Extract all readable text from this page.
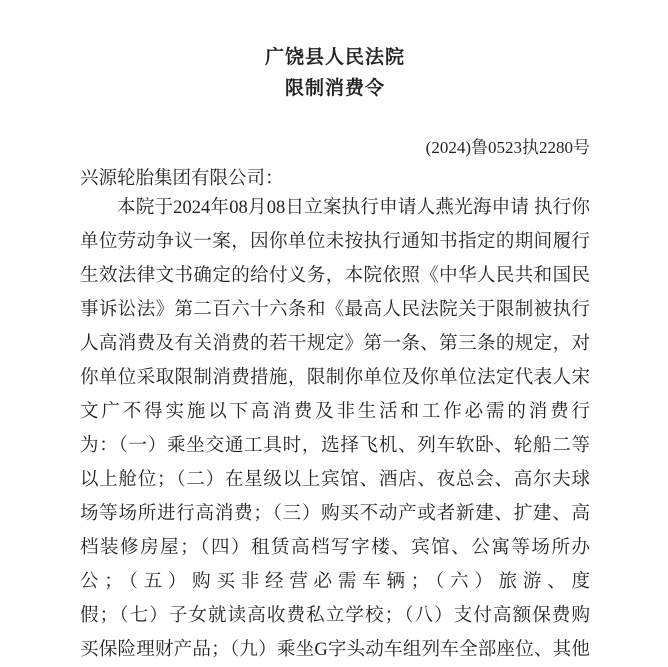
广饶县人民法院
限制消费令
(2024)鲁0523执2280号
兴源轮胎集团有限公司：
本院于2024年08月08日立案执行申请人燕光海申请 执行你
单位劳动争议一案，因你单位未按执行通知书指定的期间履行
生效法律文书确定的给付义务，本院依照《中华人民共和国民
事诉讼法》第二百六十六条和《最高人民法院关于限制被执行
人高消费及有关消费的若干规定》第一条、第三条的规定，对
你单位采取限制消费措施，限制你单位及你单位法定代表人宋
文广不得实施以下高消费及非生活和工作必需的消费行
为：（一）乘坐交通工具时，选择飞机、列车软卧、轮船二等
以上舱位；（二）在星级以上宾馆、酒店、夜总会、高尔夫球
场等场所进行高消费；（三）购买不动产或者新建、扩建、高
档装修房屋；（四）租赁高档写字楼、宾馆、公寓等场所办
公；（五）购买非经营必需车辆；（六）旅游、度
假；（七）子女就读高收费私立学校；（八）支付高额保费购
买保险理财产品；（九）乘坐G字头动车组列车全部座位、其他
